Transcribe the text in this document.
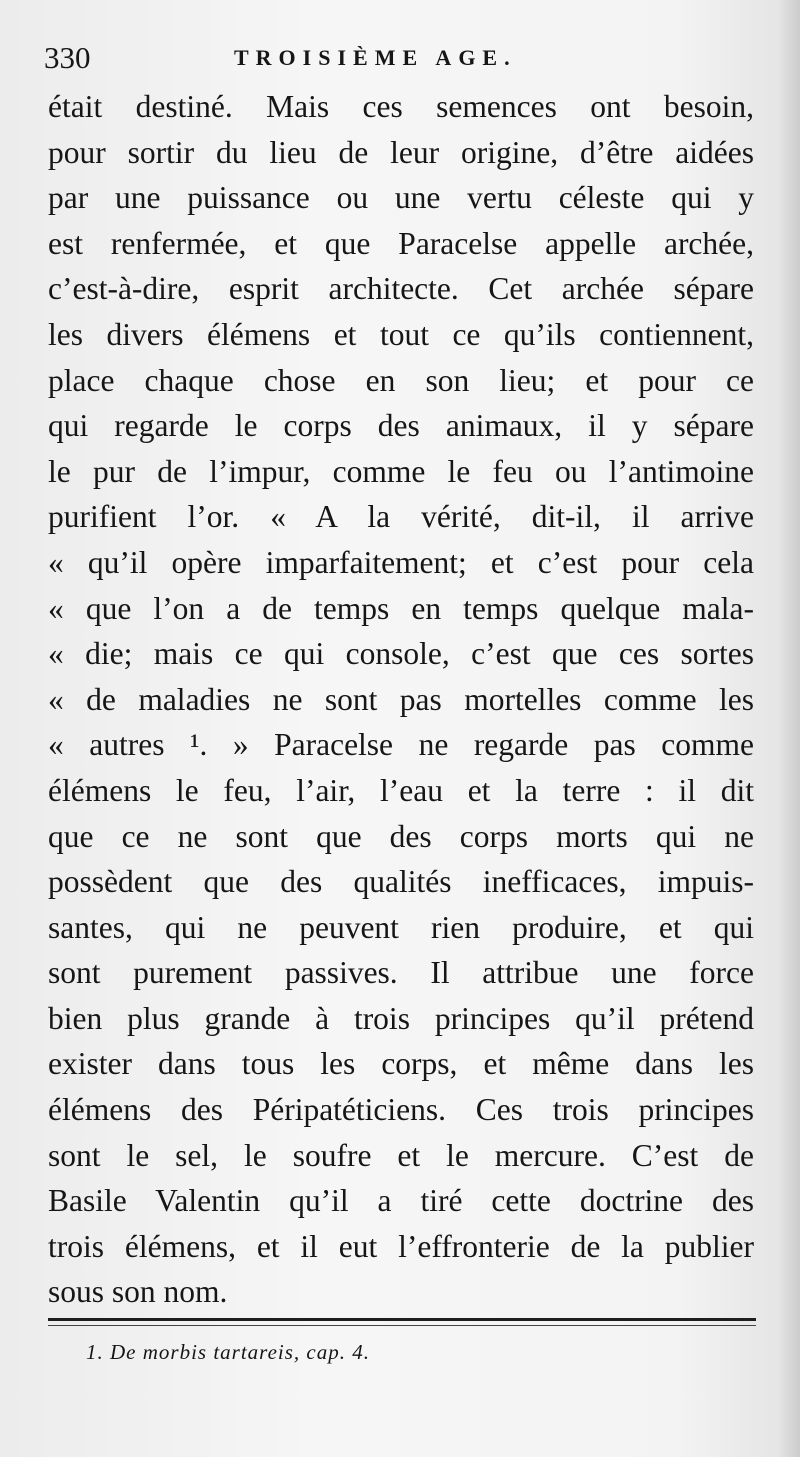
330	TROISIÈME AGE.
était destiné. Mais ces semences ont besoin,
pour sortir du lieu de leur origine, d’être aidées
par une puissance ou une vertu céleste qui y
est renfermée, et que Paracelse appelle archée,
c’est-à-dire, esprit architecte. Cet archée sépare
les divers élémens et tout ce qu’ils contiennent,
place chaque chose en son lieu; et pour ce
qui regarde le corps des animaux, il y sépare
le pur de l’impur, comme le feu ou l’antimoine
purifient l’or. « A la vérité, dit-il, il arrive
« qu’il opère imparfaitement; et c’est pour cela
« que l’on a de temps en temps quelque mala-
« die; mais ce qui console, c’est que ces sortes
« de maladies ne sont pas mortelles comme les
« autres ¹. » Paracelse ne regarde pas comme
élémens le feu, l’air, l’eau et la terre : il dit
que ce ne sont que des corps morts qui ne
possèdent que des qualités inefficaces, impuis-
santes, qui ne peuvent rien produire, et qui
sont purement passives. Il attribue une force
bien plus grande à trois principes qu’il prétend
exister dans tous les corps, et même dans les
élémens des Péripatéticiens. Ces trois principes
sont le sel, le soufre et le mercure. C’est de
Basile Valentin qu’il a tiré cette doctrine des
trois élémens, et il eut l’effronterie de la publier
sous son nom.
1. De morbis tartareis, cap. 4.
